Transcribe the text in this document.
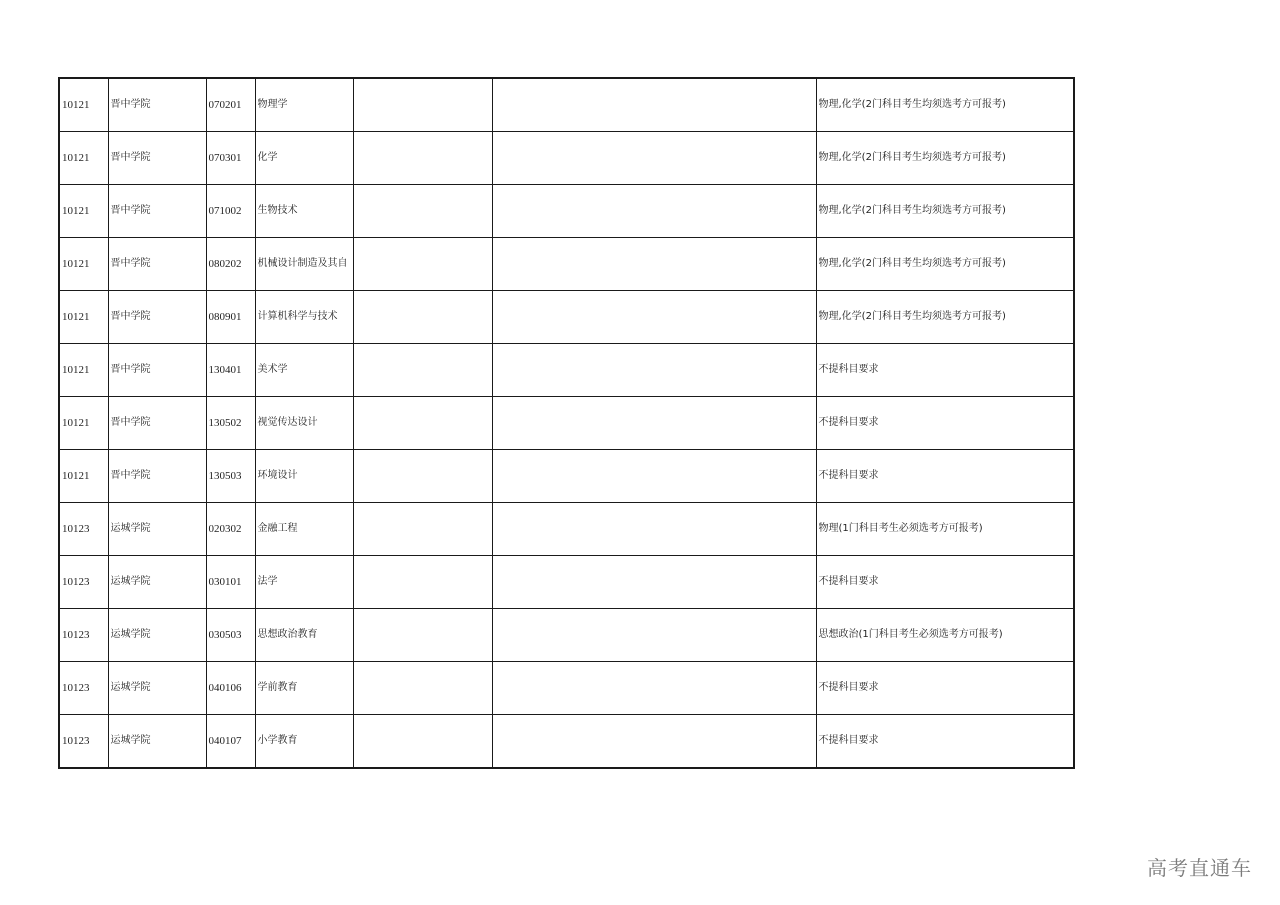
10121	晋中学院	070201	物理学			物理,化学(2门科目考生均须选考方可报考)
10121	晋中学院	070301	化学			物理,化学(2门科目考生均须选考方可报考)
10121	晋中学院	071002	生物技术			物理,化学(2门科目考生均须选考方可报考)
10121	晋中学院	080202	机械设计制造及其自			物理,化学(2门科目考生均须选考方可报考)
10121	晋中学院	080901	计算机科学与技术			物理,化学(2门科目考生均须选考方可报考)
10121	晋中学院	130401	美术学			不提科目要求
10121	晋中学院	130502	视觉传达设计			不提科目要求
10121	晋中学院	130503	环境设计			不提科目要求
10123	运城学院	020302	金融工程			物理(1门科目考生必须选考方可报考)
10123	运城学院	030101	法学			不提科目要求
10123	运城学院	030503	思想政治教育			思想政治(1门科目考生必须选考方可报考)
10123	运城学院	040106	学前教育			不提科目要求
10123	运城学院	040107	小学教育			不提科目要求
高考直通车
